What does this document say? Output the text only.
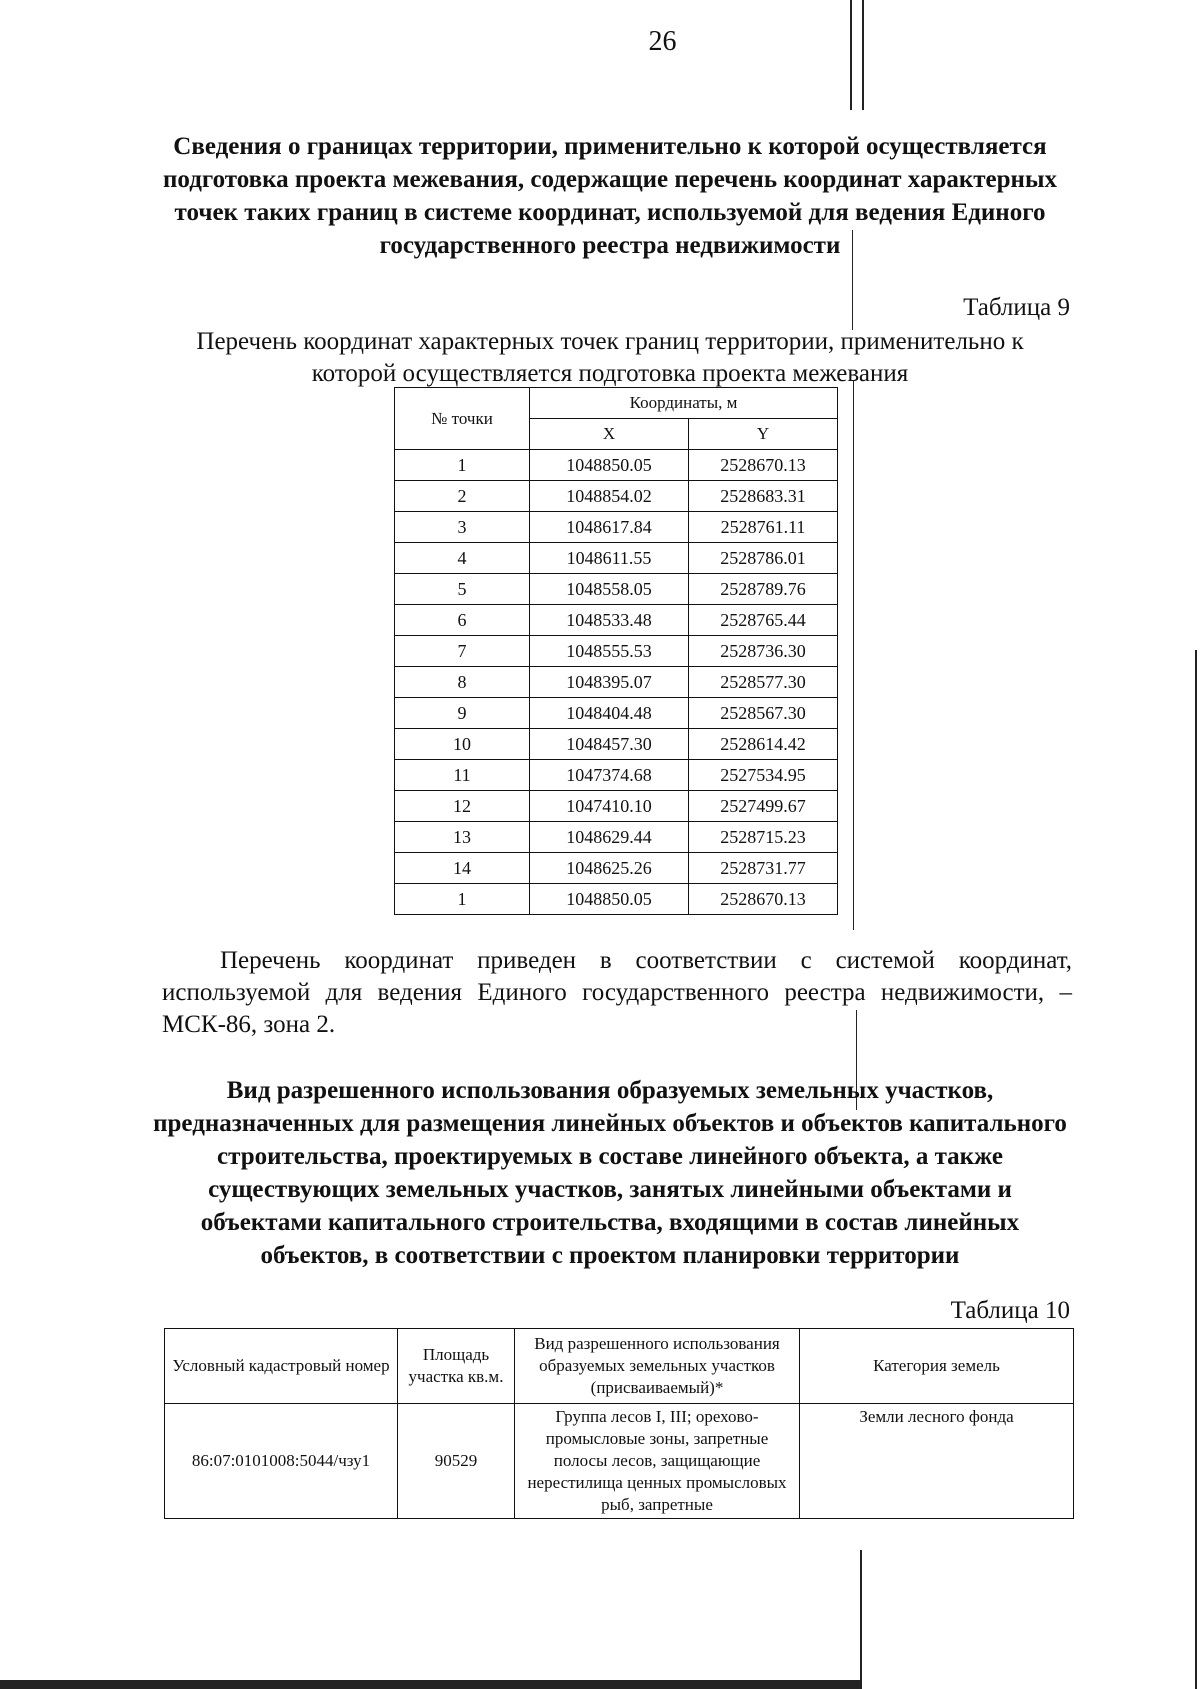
26
Сведения о границах территории, применительно к которой осуществляется подготовка проекта межевания, содержащие перечень координат характерных точек таких границ в системе координат, используемой для ведения Единого государственного реестра недвижимости
Таблица 9
Перечень координат характерных точек границ территории, применительно к которой осуществляется подготовка проекта межевания
№ точки	Координаты, м	
	X	Y
1	1048850.05	2528670.13
2	1048854.02	2528683.31
3	1048617.84	2528761.11
4	1048611.55	2528786.01
5	1048558.05	2528789.76
6	1048533.48	2528765.44
7	1048555.53	2528736.30
8	1048395.07	2528577.30
9	1048404.48	2528567.30
10	1048457.30	2528614.42
11	1047374.68	2527534.95
12	1047410.10	2527499.67
13	1048629.44	2528715.23
14	1048625.26	2528731.77
1	1048850.05	2528670.13

Перечень координат приведен в соответствии с системой координат, используемой для ведения Единого государственного реестра недвижимости, – МСК-86, зона 2.

Вид разрешенного использования образуемых земельных участков, предназначенных для размещения линейных объектов и объектов капитального строительства, проектируемых в составе линейного объекта, а также существующих земельных участков, занятых линейными объектами и объектами капитального строительства, входящими в состав линейных объектов, в соответствии с проектом планировки территории
Таблица 10
Условный кадастровый номер	Площадь участка кв.м.	Вид разрешенного использования образуемых земельных участков (присваиваемый)*	Категория земель
86:07:0101008:5044/чзу1	90529	Группа лесов I, III; орехово-промысловые зоны, запретные полосы лесов, защищающие нерестилища ценных промысловых рыб, запретные	Земли лесного фонда
